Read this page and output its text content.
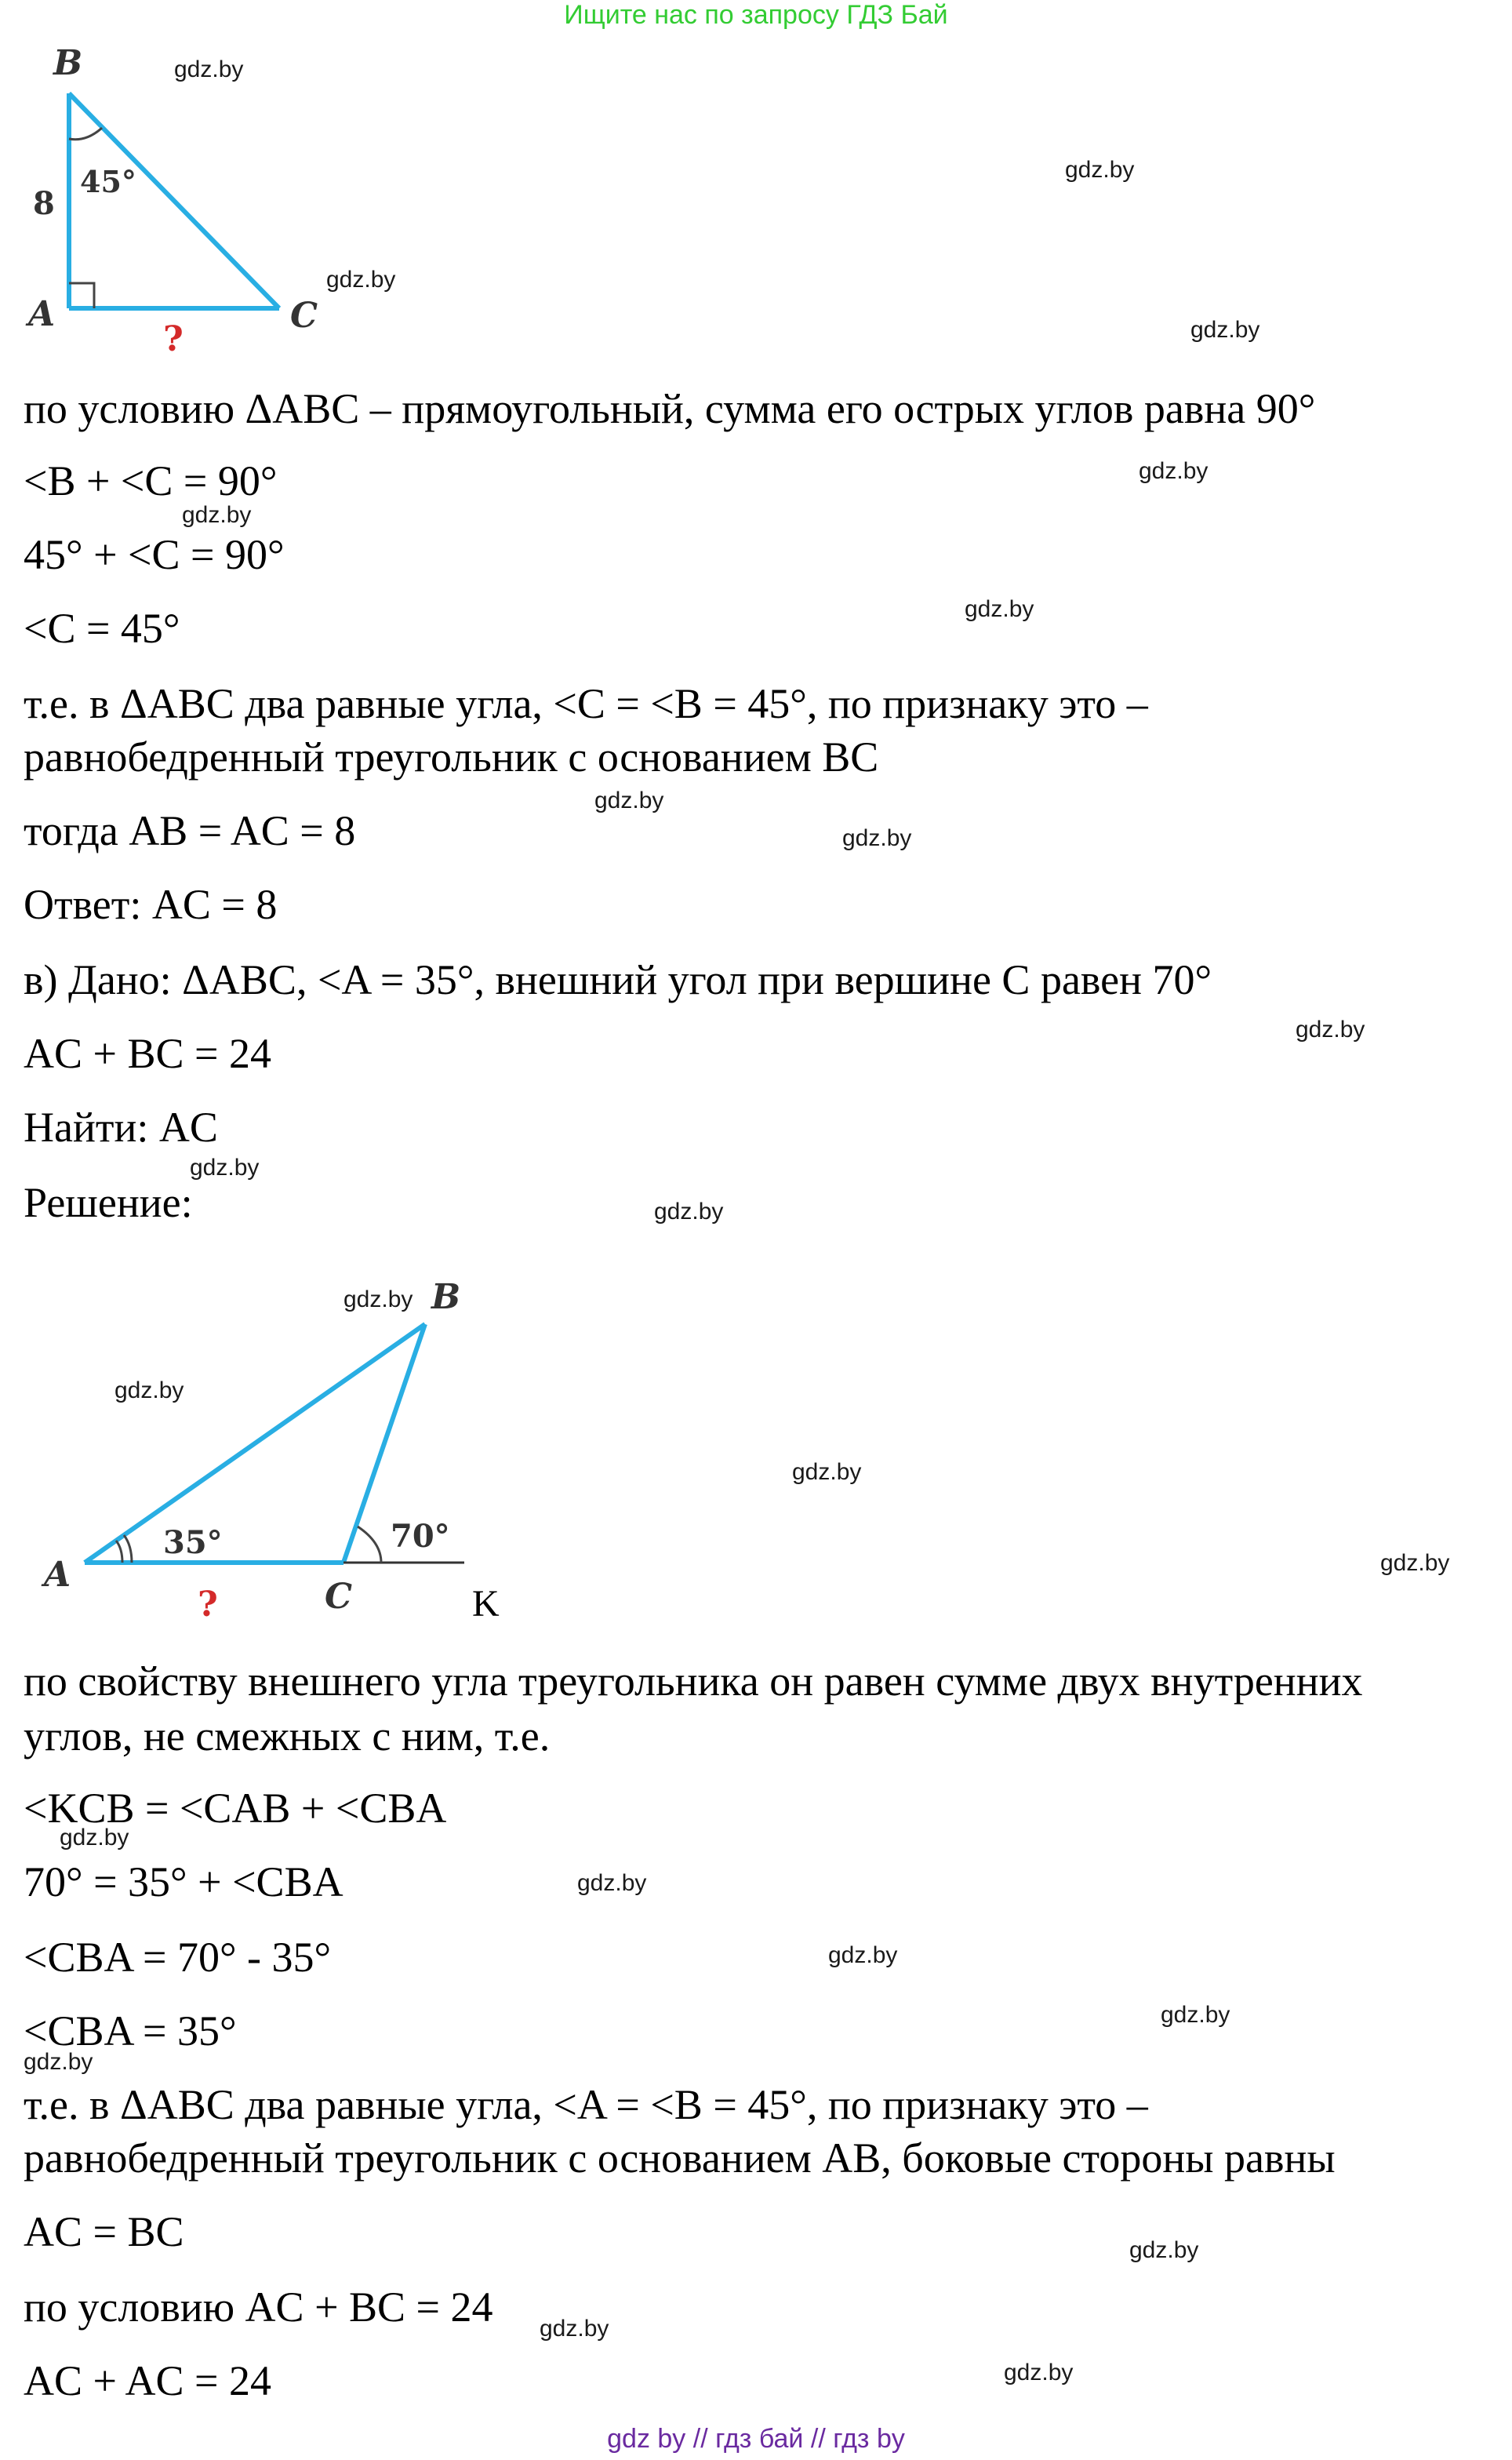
Ищите нас по запросу ГДЗ Бай
B
A	C
8
45°
?
по условию ΔABC – прямоугольный, сумма его острых углов равна 90°
<B + <C = 90°
45° + <C = 90°
<C = 45°
т.е. в ΔABC два равные угла, <C = <B = 45°, по признаку это –
равнобедренный треугольник с основанием BC
тогда AB = AC = 8
Ответ: AC = 8
в) Дано: ΔABC, <A = 35°, внешний угол при вершине C равен 70°
AC + BC = 24
Найти: AC
Решение:
A
B
C	K
35°	70°
?
по свойству внешнего угла треугольника он равен сумме двух внутренних
углов, не смежных с ним, т.е.
<KCB = <CAB + <CBA
70° = 35° + <CBA
<CBA = 70° - 35°
<CBA = 35°
т.е. в ΔABC два равные угла, <A = <B = 45°, по признаку это –
равнобедренный треугольник с основанием AB, боковые стороны равны
AC = BC
по условию AC + BC = 24
AC + AC = 24
gdz.by
gdz.by
gdz.by
gdz.by
gdz.by
gdz.by
gdz.by
gdz.by
gdz.by
gdz.by
gdz.by
gdz.by
gdz.by
gdz.by
gdz.by
gdz.by
gdz.by
gdz.by
gdz.by
gdz.by
gdz.by
gdz.by
gdz.by
gdz.by
gdz by // гдз бай // гдз by
